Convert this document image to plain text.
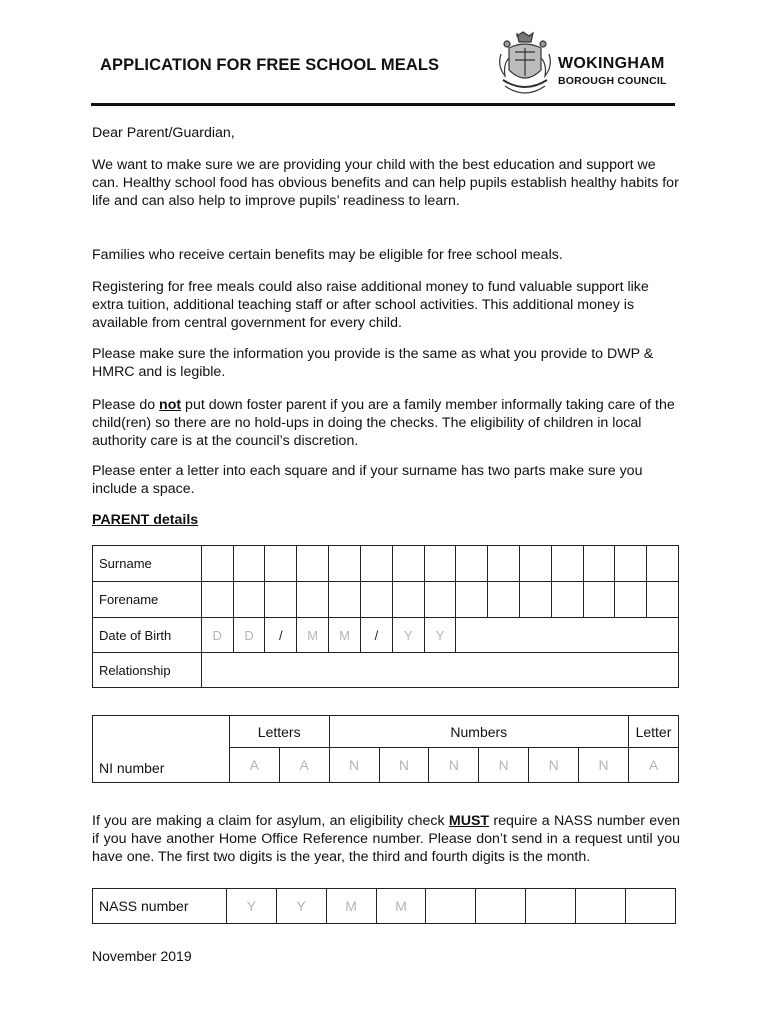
APPLICATION FOR FREE SCHOOL MEALS	WOKINGHAM
BOROUGH COUNCIL

Dear Parent/Guardian,

We want to make sure we are providing your child with the best education and support we can. Healthy school food has obvious benefits and can help pupils establish healthy habits for life and can also help to improve pupils’ readiness to learn.

Families who receive certain benefits may be eligible for free school meals.

Registering for free meals could also raise additional money to fund valuable support like extra tuition, additional teaching staff or after school activities. This additional money is available from central government for every child.

Please make sure the information you provide is the same as what you provide to DWP & HMRC and is legible.

Please do not put down foster parent if you are a family member informally taking care of the child(ren) so there are no hold-ups in doing the checks. The eligibility of children in local authority care is at the council’s discretion.

Please enter a letter into each square and if your surname has two parts make sure you include a space.

PARENT details
Surname															
Forename															
Date of Birth	D	D	/	M	M	/	Y	Y							
Relationship															
NI number	Letters		Numbers						Letter
	A	A	N	N	N	N	N	N	A

If you are making a claim for asylum, an eligibility check MUST require a NASS number even if you have another Home Office Reference number. Please don’t send in a request until you have one. The first two digits is the year, the third and fourth digits is the month.

NASS number	Y	Y	M	M					
November 2019
